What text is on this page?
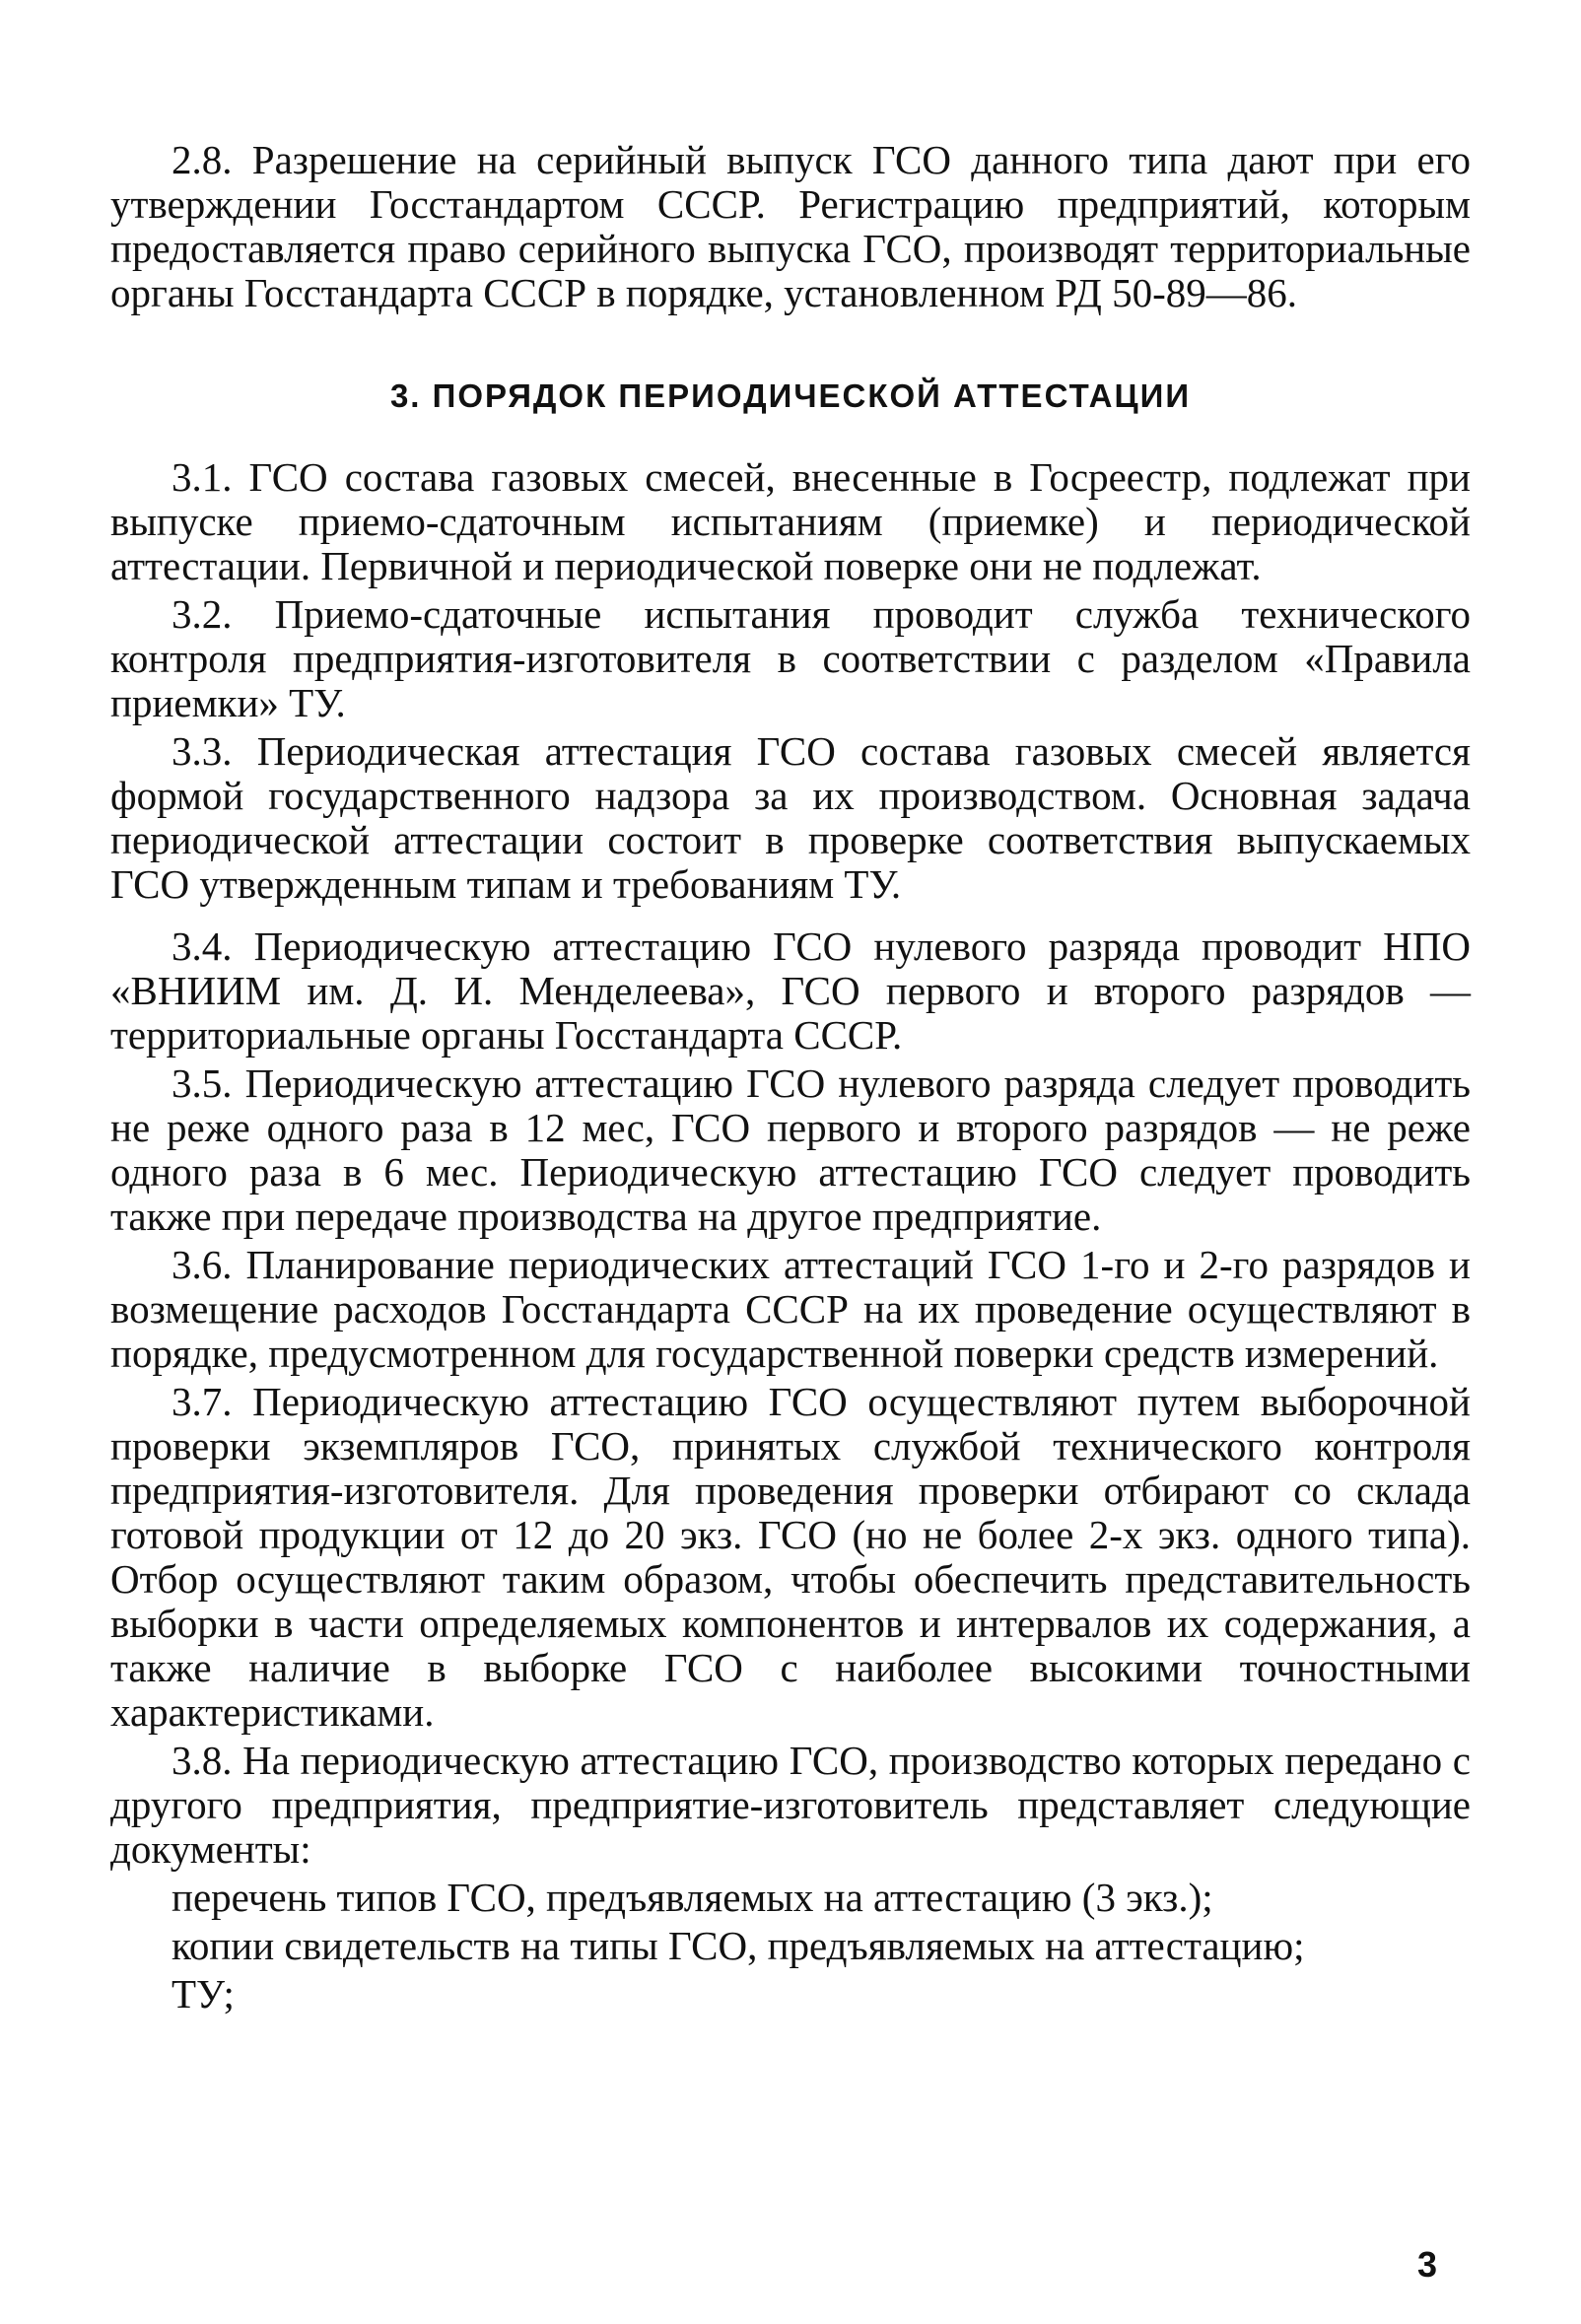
2.8. Разрешение на серийный выпуск ГСО данного типа дают при его утверждении Госстандартом СССР. Регистрацию предприятий, которым предоставляется право серийного выпуска ГСО, производят территориальные органы Госстандарта СССР в порядке, установленном РД 50-89—86.

3. ПОРЯДОК ПЕРИОДИЧЕСКОЙ АТТЕСТАЦИИ

3.1. ГСО состава газовых смесей, внесенные в Госреестр, подлежат при выпуске приемо-сдаточным испытаниям (приемке) и периодической аттестации. Первичной и периодической поверке они не подлежат.

3.2. Приемо-сдаточные испытания проводит служба технического контроля предприятия-изготовителя в соответствии с разделом «Правила приемки» ТУ.

3.3. Периодическая аттестация ГСО состава газовых смесей является формой государственного надзора за их производством. Основная задача периодической аттестации состоит в проверке соответствия выпускаемых ГСО утвержденным типам и требованиям ТУ.

3.4. Периодическую аттестацию ГСО нулевого разряда проводит НПО «ВНИИМ им. Д. И. Менделеева», ГСО первого и второго разрядов — территориальные органы Госстандарта СССР.

3.5. Периодическую аттестацию ГСО нулевого разряда следует проводить не реже одного раза в 12 мес, ГСО первого и второго разрядов — не реже одного раза в 6 мес. Периодическую аттестацию ГСО следует проводить также при передаче производства на другое предприятие.

3.6. Планирование периодических аттестаций ГСО 1-го и 2-го разрядов и возмещение расходов Госстандарта СССР на их проведение осуществляют в порядке, предусмотренном для государственной поверки средств измерений.

3.7. Периодическую аттестацию ГСО осуществляют путем выборочной проверки экземпляров ГСО, принятых службой технического контроля предприятия-изготовителя. Для проведения проверки отбирают со склада готовой продукции от 12 до 20 экз. ГСО (но не более 2-х экз. одного типа). Отбор осуществляют таким образом, чтобы обеспечить представительность выборки в части определяемых компонентов и интервалов их содержания, а также наличие в выборке ГСО с наиболее высокими точностными характеристиками.

3.8. На периодическую аттестацию ГСО, производство которых передано с другого предприятия, предприятие-изготовитель представляет следующие документы:

перечень типов ГСО, предъявляемых на аттестацию (3 экз.);

копии свидетельств на типы ГСО, предъявляемых на аттестацию;

ТУ;

3
